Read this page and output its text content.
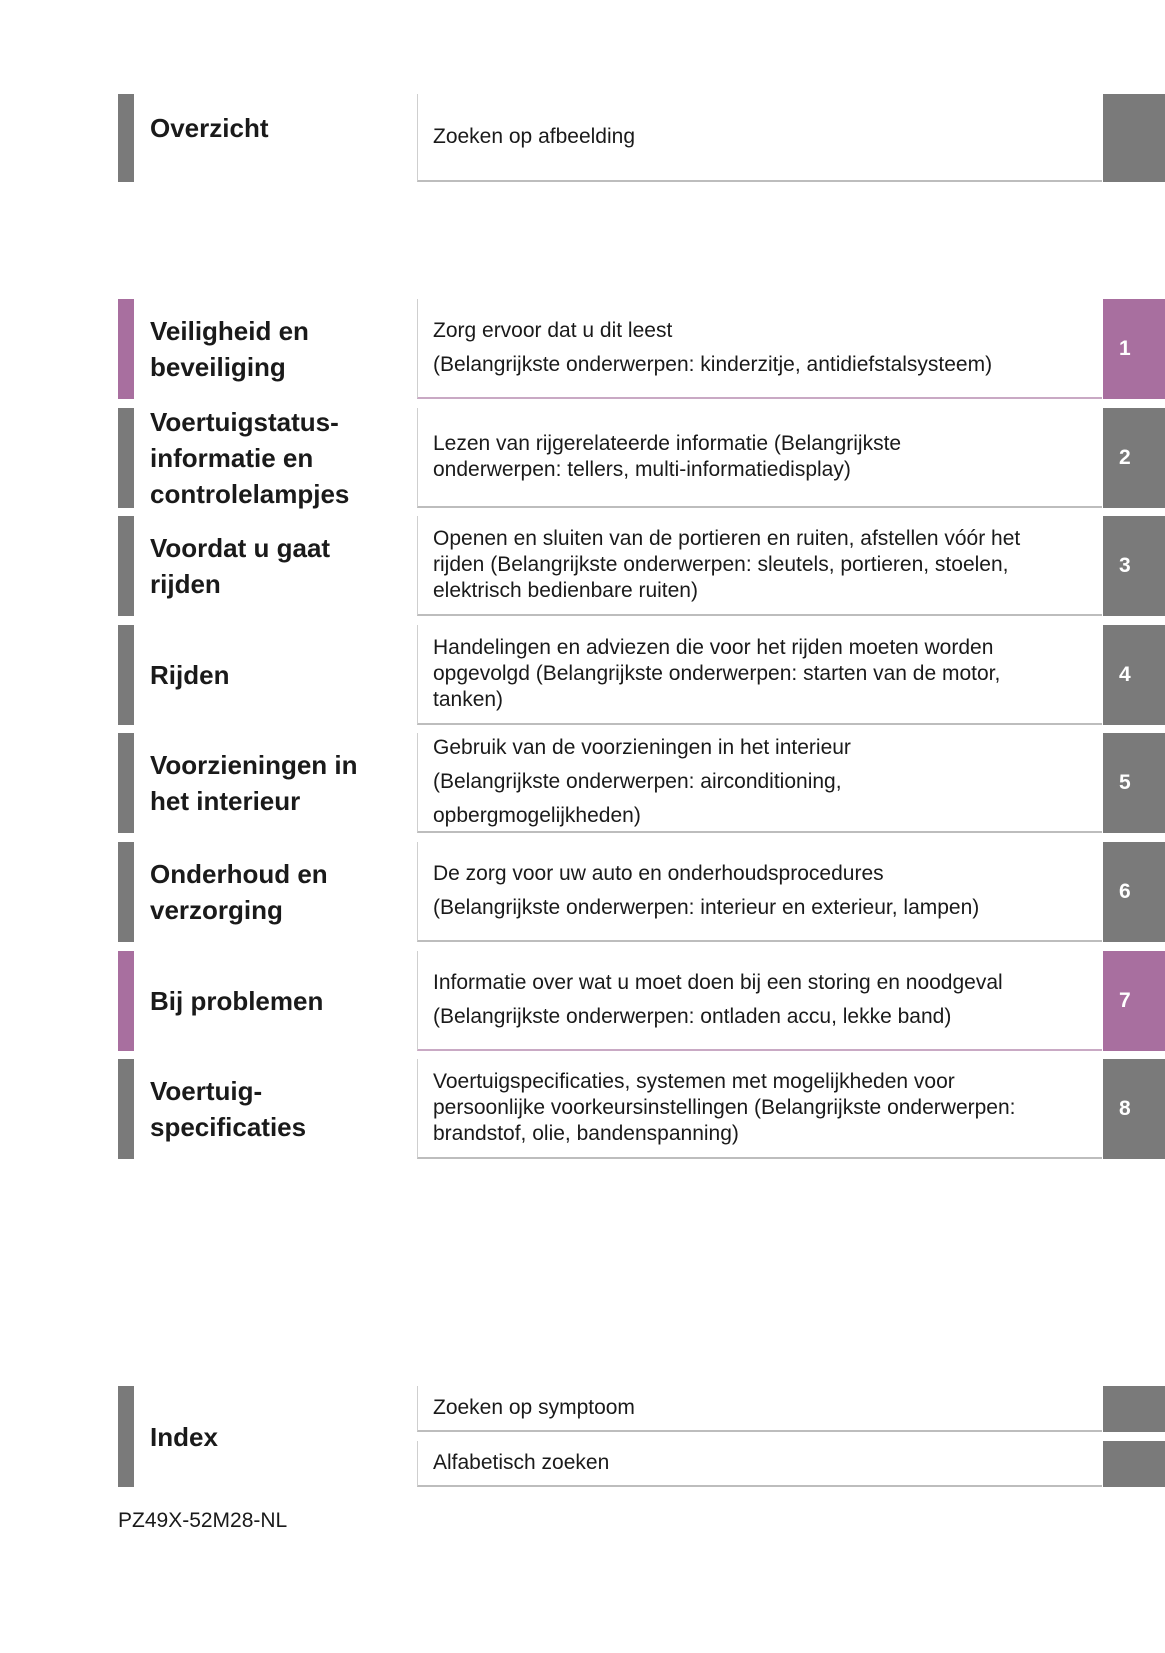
Overzicht	Zoeken op afbeelding
Veiligheid en
beveiliging
Zorg ervoor dat u dit leest
(Belangrijkste onderwerpen: kinderzitje, antidiefstalsysteem)
1
Voertuigstatus-
informatie en
controlelampjes
Lezen van rijgerelateerde informatie (Belangrijkste
onderwerpen: tellers, multi-informatiedisplay)
2
Voordat u gaat
rijden
Openen en sluiten van de portieren en ruiten, afstellen vóór het
rijden (Belangrijkste onderwerpen: sleutels, portieren, stoelen,
elektrisch bedienbare ruiten)
3
Rijden
Handelingen en adviezen die voor het rijden moeten worden
opgevolgd (Belangrijkste onderwerpen: starten van de motor,
tanken)
4
Voorzieningen in
het interieur
Gebruik van de voorzieningen in het interieur
(Belangrijkste onderwerpen: airconditioning,
opbergmogelijkheden)
5
Onderhoud en
verzorging
De zorg voor uw auto en onderhoudsprocedures
(Belangrijkste onderwerpen: interieur en exterieur, lampen)
6
Bij problemen
Informatie over wat u moet doen bij een storing en noodgeval
(Belangrijkste onderwerpen: ontladen accu, lekke band)
7
Voertuig-
specificaties
Voertuigspecificaties, systemen met mogelijkheden voor
persoonlijke voorkeursinstellingen (Belangrijkste onderwerpen:
brandstof, olie, bandenspanning)
8
Index
Zoeken op symptoom
Alfabetisch zoeken
PZ49X-52M28-NL
